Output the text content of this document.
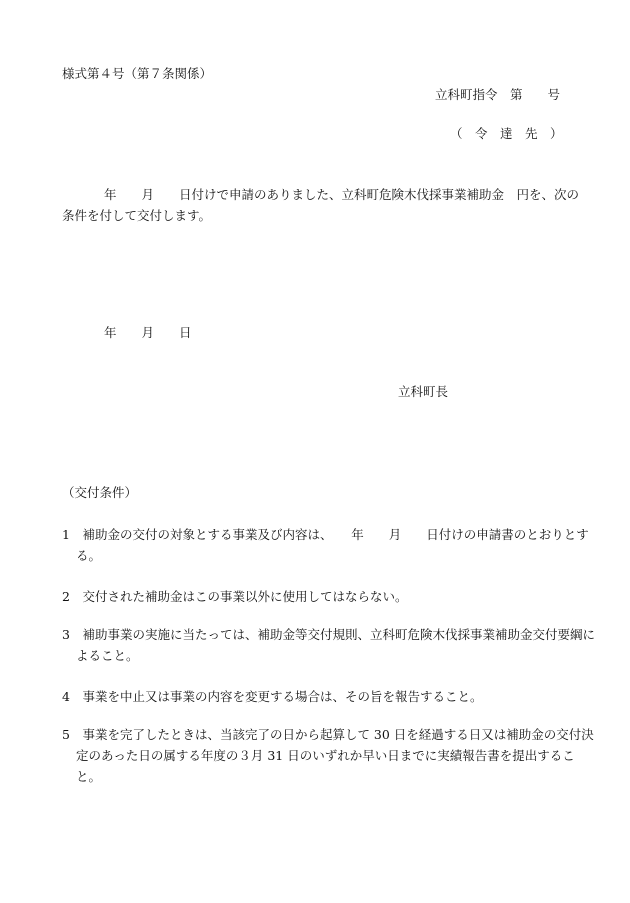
様式第４号（第７条関係）
立科町指令　第　　号
（　令　達　先　）
年　　月　　日付けで申請のありました、立科町危険木伐採事業補助金　円を、次の条件を付して交付します。
年　　月　　日
立科町長
（交付条件）
1　補助金の交付の対象とする事業及び内容は、　　年　　月　　日付けの申請書のとおりとする。
2　交付された補助金はこの事業以外に使用してはならない。
3　補助事業の実施に当たっては、補助金等交付規則、立科町危険木伐採事業補助金交付要綱によること。
4　事業を中止又は事業の内容を変更する場合は、その旨を報告すること。
5　事業を完了したときは、当該完了の日から起算して 30 日を経過する日又は補助金の交付決定のあった日の属する年度の３月 31 日のいずれか早い日までに実績報告書を提出すること。
